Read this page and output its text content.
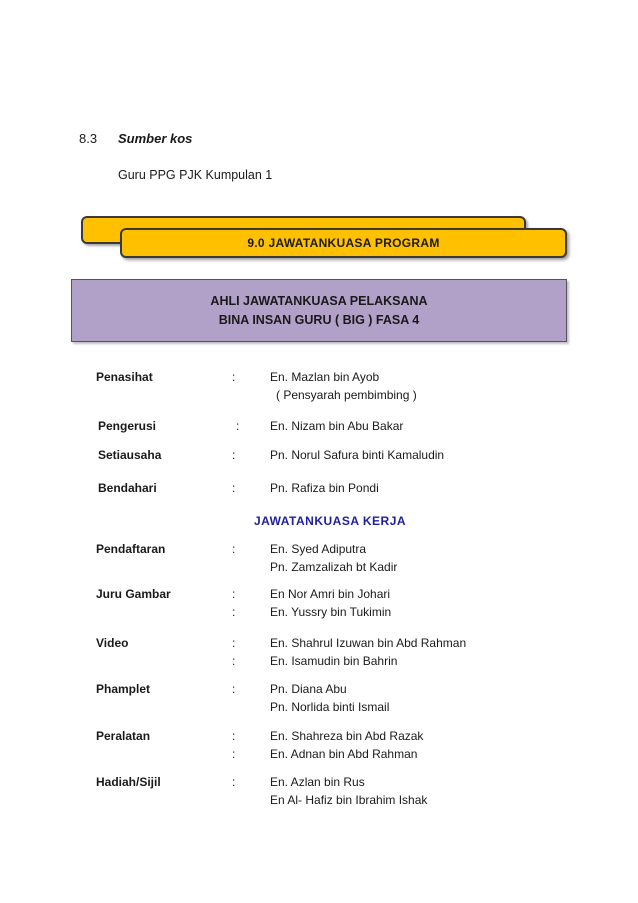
8.3 Sumber kos
Guru PPG PJK Kumpulan 1
9.0 JAWATANKUASA PROGRAM
AHLI JAWATANKUASA PELAKSANA
BINA INSAN GURU ( BIG ) FASA 4
Penasihat	:	En. Mazlan bin Ayob
( Pensyarah pembimbing )
Pengerusi	:	En. Nizam bin Abu Bakar
Setiausaha	:	Pn. Norul Safura binti Kamaludin
Bendahari	:	Pn. Rafiza bin Pondi
JAWATANKUASA KERJA
Pendaftaran	:	En. Syed Adiputra
Pn. Zamzalizah bt Kadir
Juru Gambar	:	En Nor Amri bin Johari
:	En. Yussry bin Tukimin
Video	:	En. Shahrul Izuwan bin Abd Rahman
:	En. Isamudin bin Bahrin
Phamplet	:	Pn. Diana Abu
Pn. Norlida binti Ismail
Peralatan	:	En. Shahreza bin Abd Razak
:	En. Adnan bin Abd Rahman
Hadiah/Sijil	:	En. Azlan bin Rus
En Al- Hafiz bin Ibrahim Ishak
